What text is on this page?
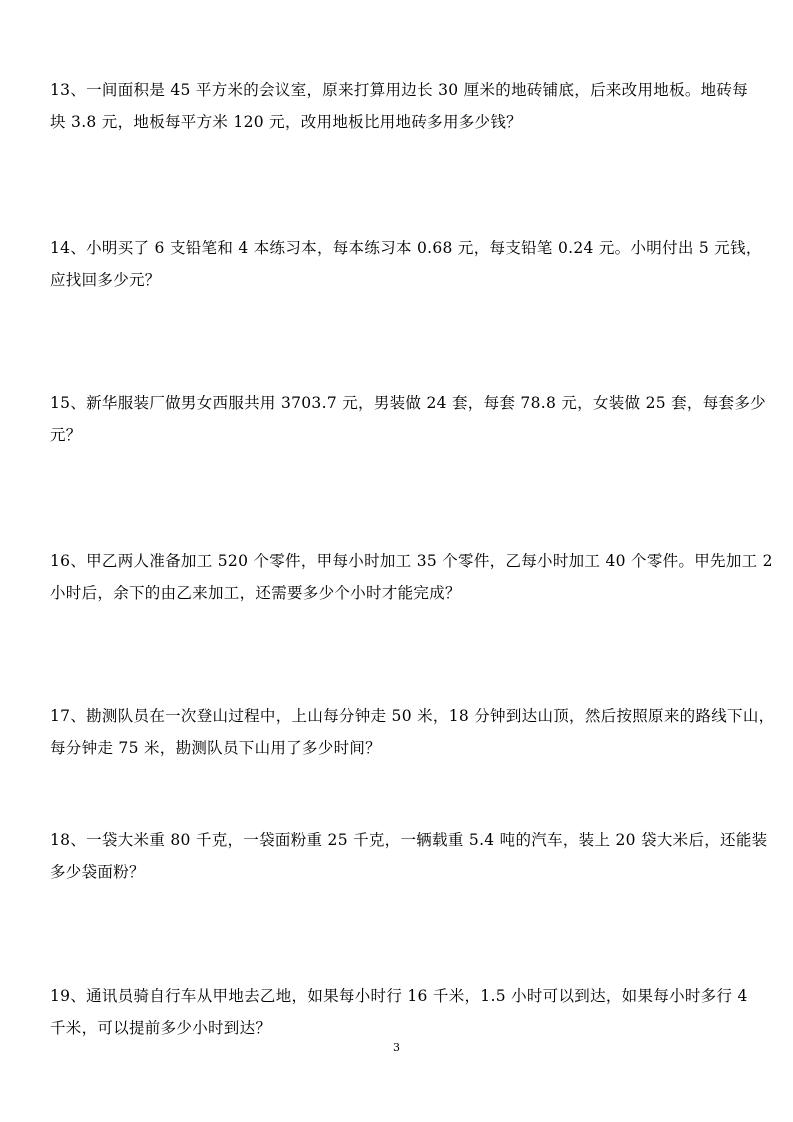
13、一间面积是 45 平方米的会议室，原来打算用边长 30 厘米的地砖铺底，后来改用地板。地砖每
块 3.8 元，地板每平方米 120 元，改用地板比用地砖多用多少钱？
14、小明买了 6 支铅笔和 4 本练习本，每本练习本 0.68 元，每支铅笔 0.24 元。小明付出 5 元钱，
应找回多少元？
15、新华服装厂做男女西服共用 3703.7 元，男装做 24 套，每套 78.8 元，女装做 25 套，每套多少
元？
16、甲乙两人准备加工 520 个零件，甲每小时加工 35 个零件，乙每小时加工 40 个零件。甲先加工 2
小时后，余下的由乙来加工，还需要多少个小时才能完成？
17、勘测队员在一次登山过程中，上山每分钟走 50 米，18 分钟到达山顶，然后按照原来的路线下山，
每分钟走 75 米，勘测队员下山用了多少时间？
18、一袋大米重 80 千克，一袋面粉重 25 千克，一辆载重 5.4 吨的汽车，装上 20 袋大米后，还能装
多少袋面粉？
19、通讯员骑自行车从甲地去乙地，如果每小时行 16 千米，1.5 小时可以到达，如果每小时多行 4
千米，可以提前多少小时到达？
3
